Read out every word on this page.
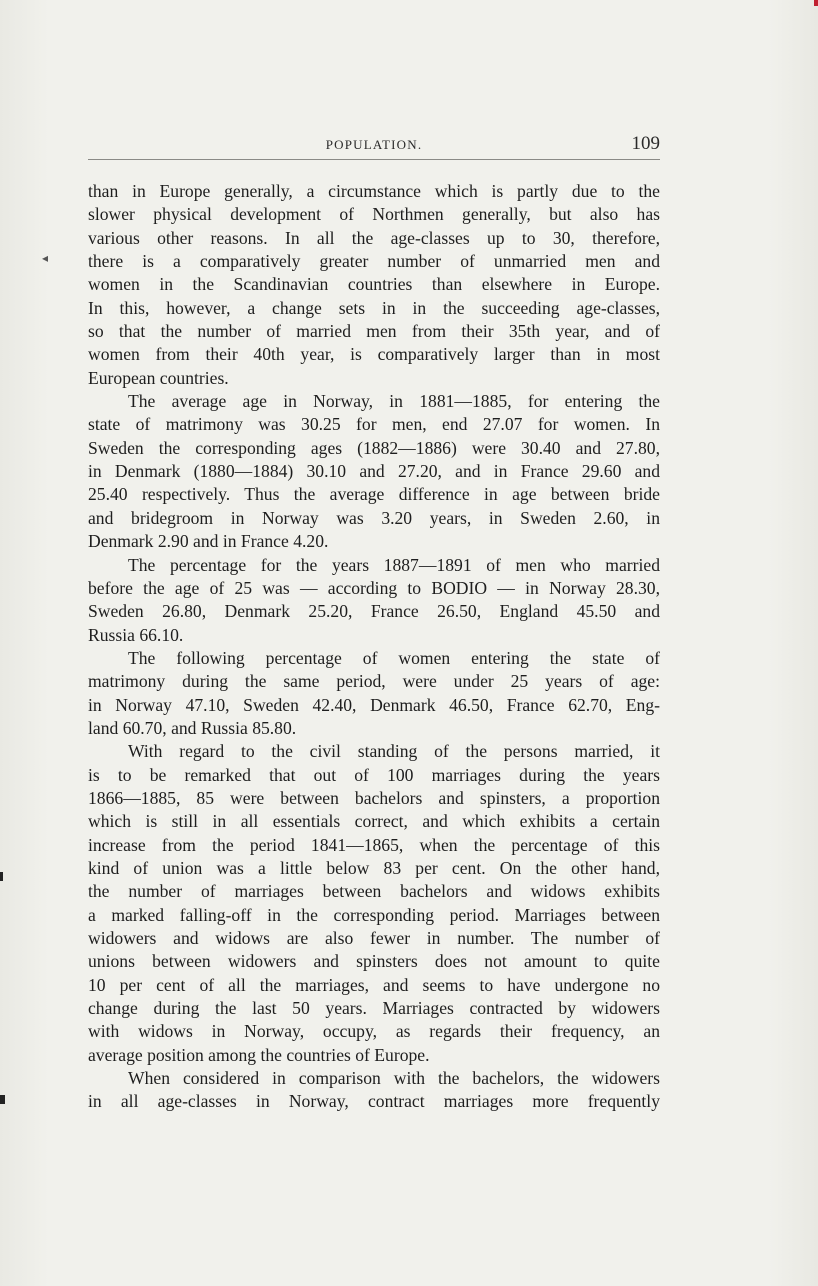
POPULATION.	109
than in Europe generally, a circumstance which is partly due to the
slower physical development of Northmen generally, but also has
various other reasons. In all the age-classes up to 30, therefore,
there is a comparatively greater number of unmarried men and
women in the Scandinavian countries than elsewhere in Europe.
In this, however, a change sets in in the succeeding age-classes,
so that the number of married men from their 35th year, and of
women from their 40th year, is comparatively larger than in most
European countries.
The average age in Norway, in 1881—1885, for entering the
state of matrimony was 30.25 for men, end 27.07 for women. In
Sweden the corresponding ages (1882—1886) were 30.40 and 27.80,
in Denmark (1880—1884) 30.10 and 27.20, and in France 29.60 and
25.40 respectively. Thus the average difference in age between bride
and bridegroom in Norway was 3.20 years, in Sweden 2.60, in
Denmark 2.90 and in France 4.20.
The percentage for the years 1887—1891 of men who married
before the age of 25 was — according to BODIO — in Norway 28.30,
Sweden 26.80, Denmark 25.20, France 26.50, England 45.50 and
Russia 66.10.
The following percentage of women entering the state of
matrimony during the same period, were under 25 years of age:
in Norway 47.10, Sweden 42.40, Denmark 46.50, France 62.70, Eng-
land 60.70, and Russia 85.80.
With regard to the civil standing of the persons married, it
is to be remarked that out of 100 marriages during the years
1866—1885, 85 were between bachelors and spinsters, a proportion
which is still in all essentials correct, and which exhibits a certain
increase from the period 1841—1865, when the percentage of this
kind of union was a little below 83 per cent. On the other hand,
the number of marriages between bachelors and widows exhibits
a marked falling-off in the corresponding period. Marriages between
widowers and widows are also fewer in number. The number of
unions between widowers and spinsters does not amount to quite
10 per cent of all the marriages, and seems to have undergone no
change during the last 50 years. Marriages contracted by widowers
with widows in Norway, occupy, as regards their frequency, an
average position among the countries of Europe.
When considered in comparison with the bachelors, the widowers
in all age-classes in Norway, contract marriages more frequently
◂
